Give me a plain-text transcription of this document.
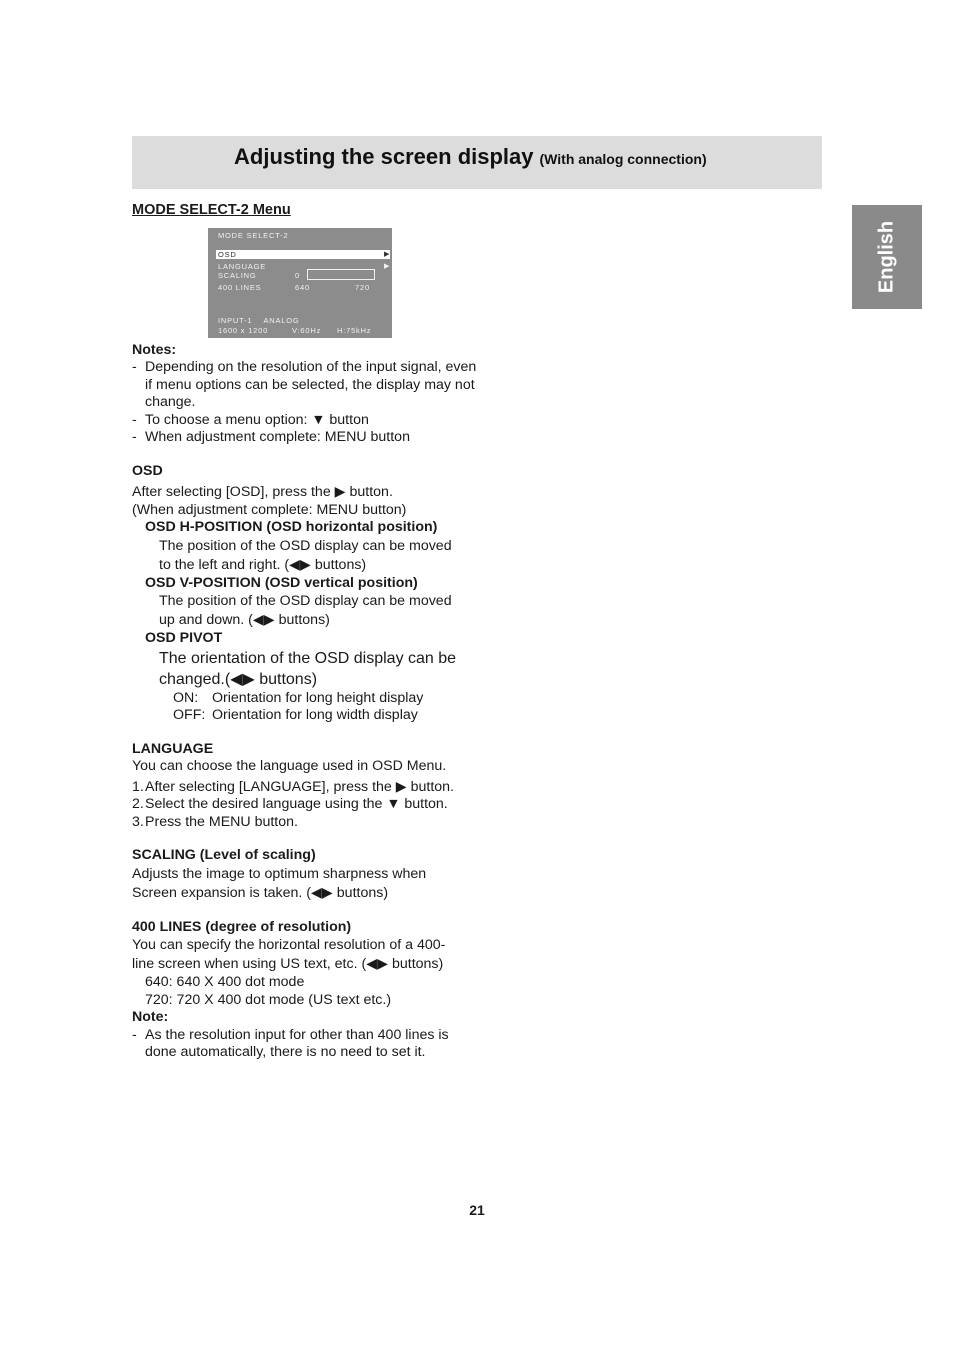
Adjusting the screen display (With analog connection)
English

MODE SELECT-2 Menu

MODE SELECT-2
OSD	▶
LANGUAGE	▶
SCALING	0
400 LINES	640	720
INPUT-1    ANALOG
1600 x 1200	V:60Hz H:75kHz

Notes:

- Depending on the resolution of the input signal, even if menu options can be selected, the display may not change.
- To choose a menu option: ▼ button
- When adjustment complete: MENU button

OSD

After selecting [OSD], press the ▶ button.

(When adjustment complete: MENU button)

OSD H-POSITION (OSD horizontal position)

The position of the OSD display can be moved

to the left and right. (◀▶ buttons)

OSD V-POSITION (OSD vertical position)

The position of the OSD display can be moved

up and down. (◀▶ buttons)

OSD PIVOT

The orientation of the OSD display can be

changed.(◀▶ buttons)

ON: Orientation for long height display
OFF: Orientation for long width display

LANGUAGE

You can choose the language used in OSD Menu.

1. After selecting [LANGUAGE], press the ▶ button.
2. Select the desired language using the ▼ button.
3. Press the MENU button.

SCALING (Level of scaling)

Adjusts the image to optimum sharpness when

Screen expansion is taken. (◀▶ buttons)

400 LINES (degree of resolution)

You can specify the horizontal resolution of a 400-

line screen when using US text, etc. (◀▶ buttons)

640: 640 X 400 dot mode

720: 720 X 400 dot mode (US text etc.)

Note:

- As the resolution input for other than 400 lines is done automatically, there is no need to set it.
21
